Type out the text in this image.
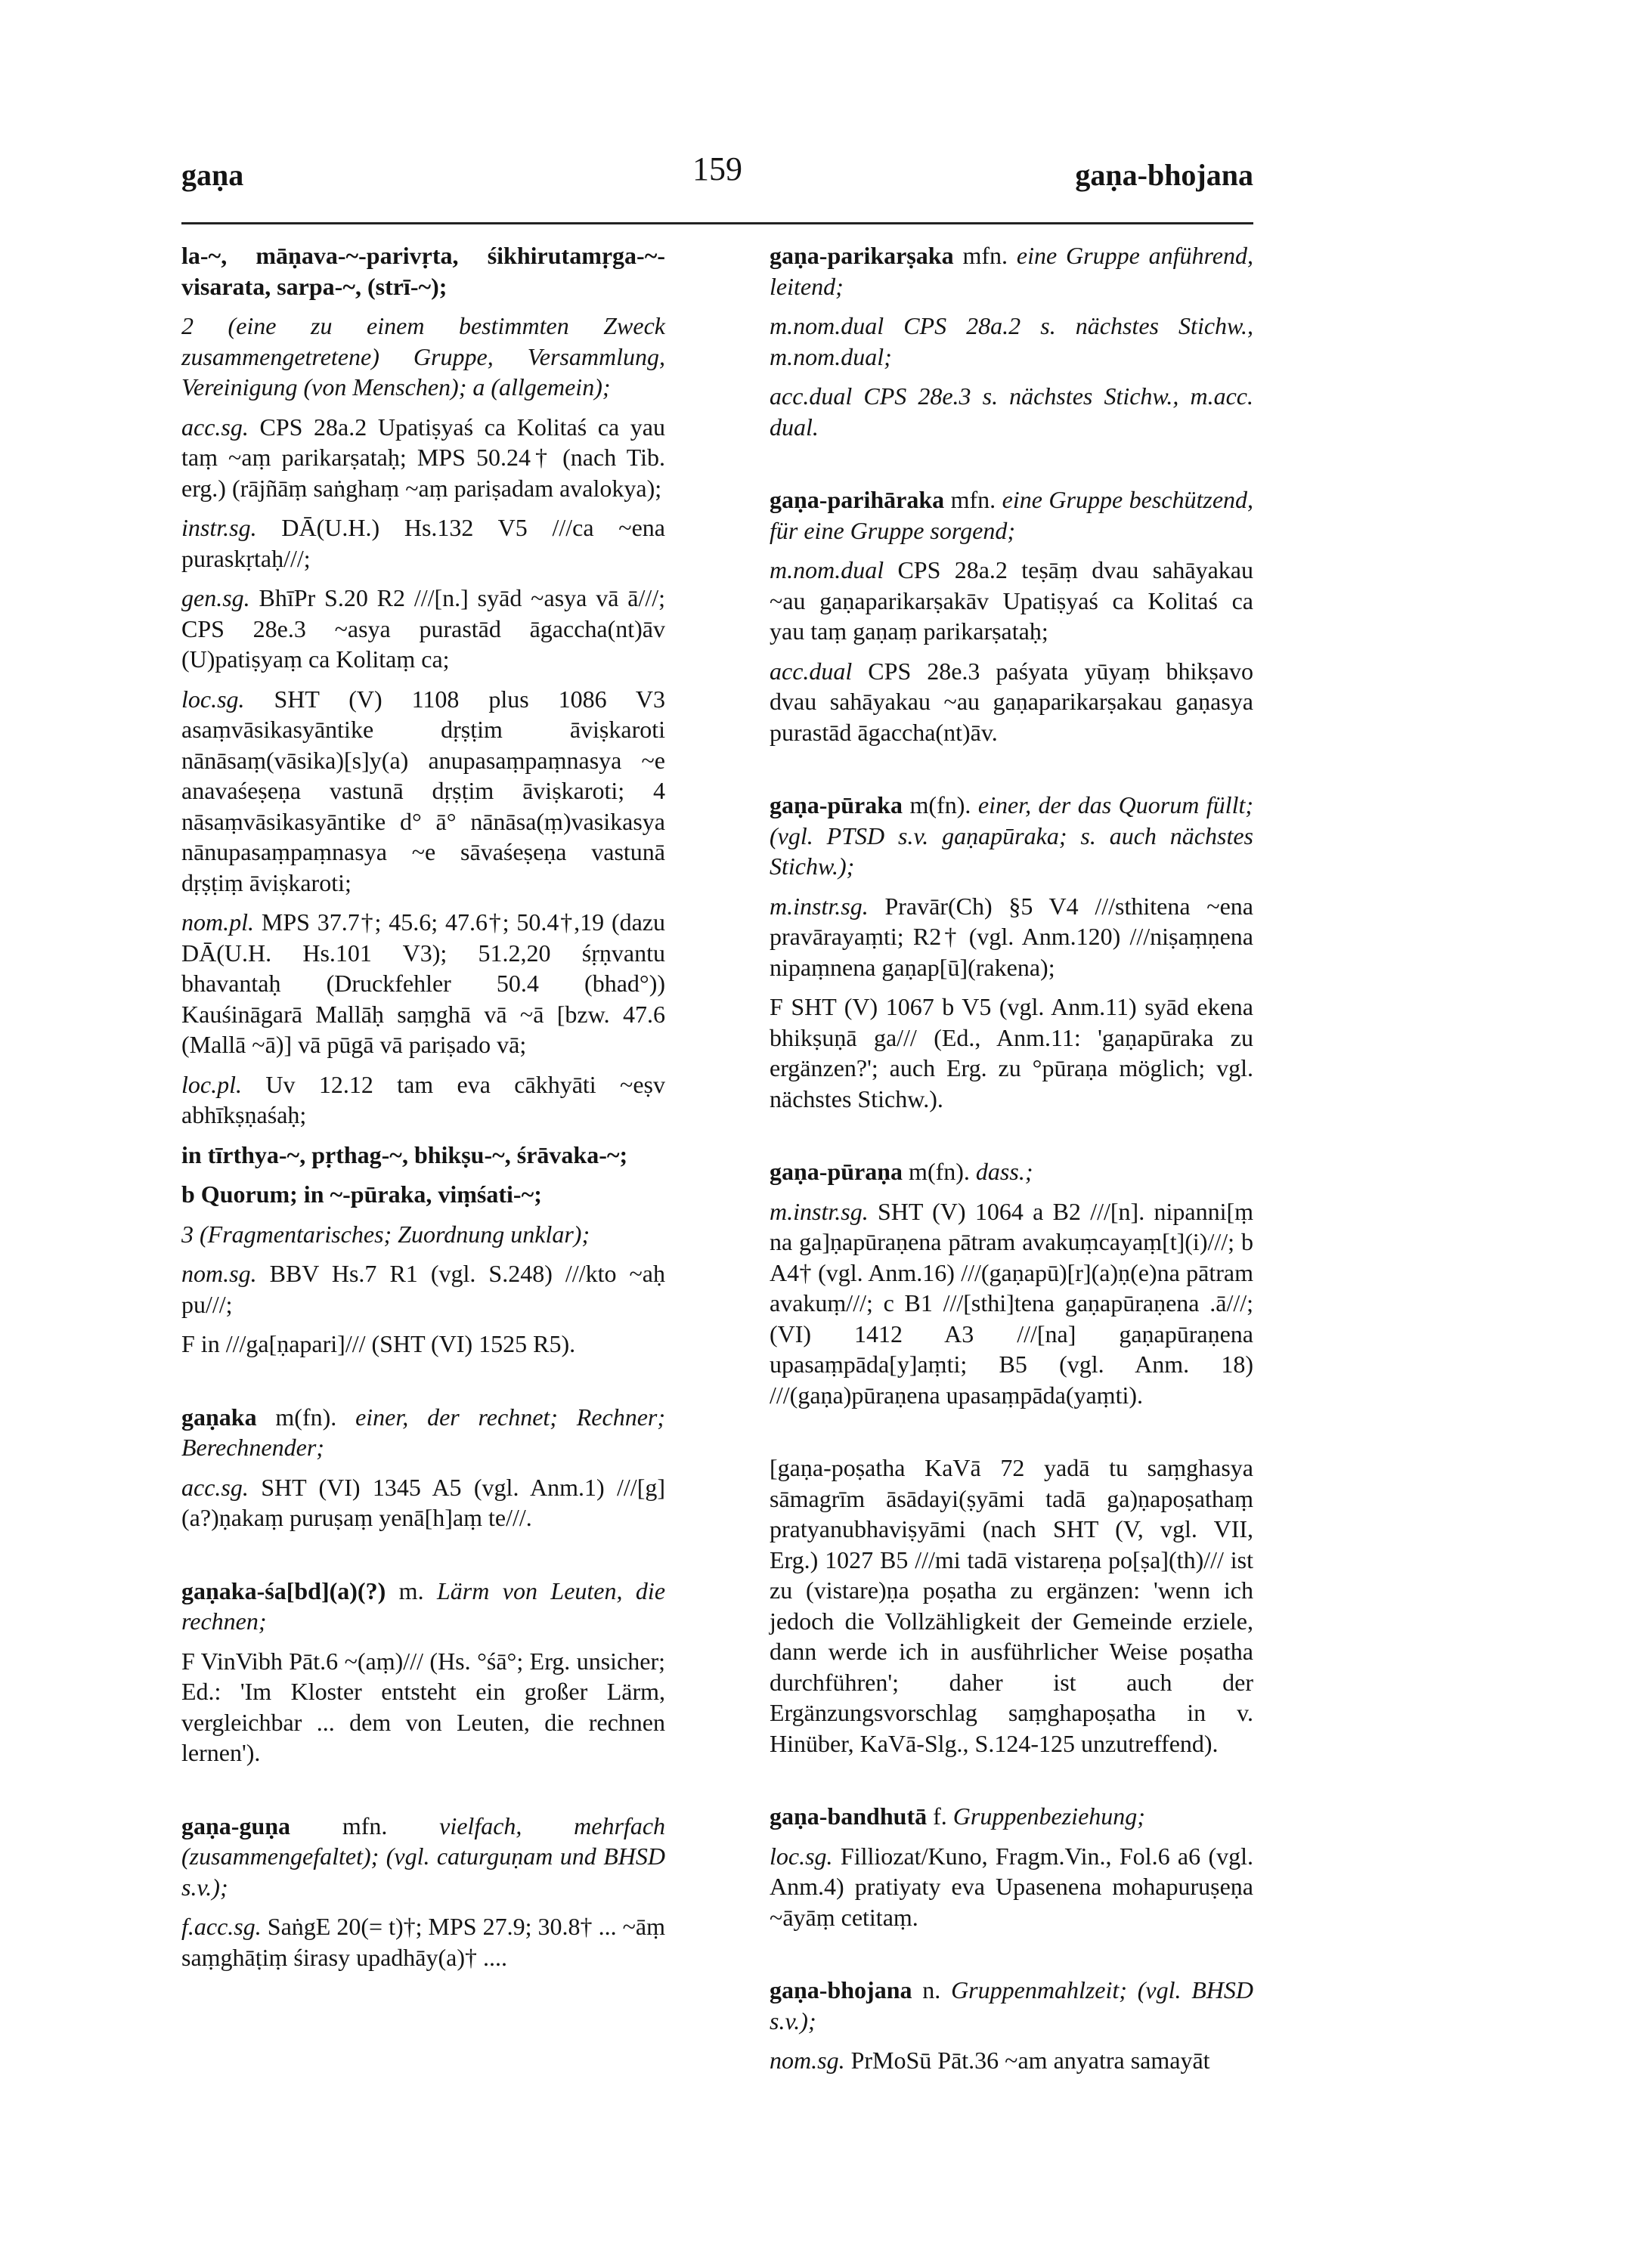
159
gaṇa	gaṇa-bhojana

la-~, māṇava-~-parivṛta, śikhirutamṛga-~-visarata, sarpa-~, (strī-~);

2 (eine zu einem bestimmten Zweck zusammengetretene) Gruppe, Versammlung, Vereinigung (von Menschen); a (allgemein);

acc.sg. CPS 28a.2 Upatiṣyaś ca Kolitaś ca yau taṃ ~aṃ parikarṣataḥ; MPS 50.24† (nach Tib. erg.) (rājñāṃ saṅghaṃ ~aṃ pariṣadam avalokya);

instr.sg. DĀ(U.H.) Hs.132 V5 ///ca ~ena puraskṛtaḥ///;

gen.sg. BhīPr S.20 R2 ///[n.] syād ~asya vā ā///; CPS 28e.3 ~asya purastād āgaccha(nt)āv (U)patiṣyaṃ ca Kolitaṃ ca;

loc.sg. SHT (V) 1108 plus 1086 V3 asaṃvāsikasyāntike dṛṣṭim āviṣkaroti nānāsaṃ(vāsika)[s]y(a) anupasaṃpaṃnasya ~e anavaśeṣeṇa vastunā dṛṣṭim āviṣkaroti; 4 nāsaṃvāsikasyāntike d° ā° nānāsa(ṃ)vasikasya nānupasaṃpaṃnasya ~e sāvaśeṣeṇa vastunā dṛṣṭiṃ āviṣkaroti;

nom.pl. MPS 37.7†; 45.6; 47.6†; 50.4†,19 (dazu DĀ(U.H. Hs.101 V3); 51.2,20 śṛṇvantu bhavantaḥ (Druckfehler 50.4 (bhad°)) Kauśināgarā Mallāḥ saṃghā vā ~ā [bzw. 47.6 (Mallā ~ā)] vā pūgā vā pariṣado vā;

loc.pl. Uv 12.12 tam eva cākhyāti ~eṣv abhīkṣṇaśaḥ;

in tīrthya-~, pṛthag-~, bhikṣu-~, śrāvaka-~;

b Quorum; in ~-pūraka, viṃśati-~;

3 (Fragmentarisches; Zuordnung unklar);

nom.sg. BBV Hs.7 R1 (vgl. S.248) ///kto ~aḥ pu///;

F in ///ga[ṇapari]/// (SHT (VI) 1525 R5).

gaṇaka m(fn). einer, der rechnet; Rechner; Berechnender;

acc.sg. SHT (VI) 1345 A5 (vgl. Anm.1) ///[g](a?)ṇakaṃ puruṣaṃ yenā[h]aṃ te///.

gaṇaka-śa[bd](a)(?) m. Lärm von Leuten, die rechnen;

F VinVibh Pāt.6 ~(aṃ)/// (Hs. °śā°; Erg. unsicher; Ed.: 'Im Kloster entsteht ein großer Lärm, vergleichbar ... dem von Leuten, die rechnen lernen').

gaṇa-guṇa mfn. vielfach, mehrfach (zusammengefaltet); (vgl. caturguṇam und BHSD s.v.);

f.acc.sg. SaṅgE 20(= t)†; MPS 27.9; 30.8† ... ~āṃ saṃghāṭiṃ śirasy upadhāy(a)† ....

gaṇa-parikarṣaka mfn. eine Gruppe anführend, leitend;

m.nom.dual CPS 28a.2 s. nächstes Stichw., m.nom.dual;

acc.dual CPS 28e.3 s. nächstes Stichw., m.acc. dual.

gaṇa-parihāraka mfn. eine Gruppe beschützend, für eine Gruppe sorgend;

m.nom.dual CPS 28a.2 teṣāṃ dvau sahāyakau ~au gaṇaparikarṣakāv Upatiṣyaś ca Kolitaś ca yau taṃ gaṇaṃ parikarṣataḥ;

acc.dual CPS 28e.3 paśyata yūyaṃ bhikṣavo dvau sahāyakau ~au gaṇaparikarṣakau gaṇasya purastād āgaccha(nt)āv.

gaṇa-pūraka m(fn). einer, der das Quorum füllt; (vgl. PTSD s.v. gaṇapūraka; s. auch nächstes Stichw.);

m.instr.sg. Pravār(Ch) §5 V4 ///sthitena ~ena pravārayaṃti; R2† (vgl. Anm.120) ///niṣaṃṇena nipaṃnena gaṇap[ū](rakena);

F SHT (V) 1067 b V5 (vgl. Anm.11) syād ekena bhikṣuṇā ga/// (Ed., Anm.11: 'gaṇapūraka zu ergänzen?'; auch Erg. zu °pūraṇa möglich; vgl. nächstes Stichw.).

gaṇa-pūraṇa m(fn). dass.;

m.instr.sg. SHT (V) 1064 a B2 ///[n]. nipanni[ṃ na ga]ṇapūraṇena pātram avakuṃcayaṃ[t](i)///; b A4† (vgl. Anm.16) ///(gaṇapū)[r](a)ṇ(e)na pātram avakuṃ///; c B1 ///[sthi]tena gaṇapūraṇena .ā///; (VI) 1412 A3 ///[na] gaṇapūraṇena upasaṃpāda[y]aṃti; B5 (vgl. Anm. 18) ///(gaṇa)pūraṇena upasaṃpāda(yaṃti).

[gaṇa-poṣatha KaVā 72 yadā tu saṃghasya sāmagrīm āsādayi(ṣyāmi tadā ga)ṇapoṣathaṃ pratyanubhaviṣyāmi (nach SHT (V, vgl. VII, Erg.) 1027 B5 ///mi tadā vistareṇa po[ṣa](th)/// ist zu (vistare)ṇa poṣatha zu ergänzen: 'wenn ich jedoch die Vollzähligkeit der Gemeinde erziele, dann werde ich in ausführlicher Weise poṣatha durchführen'; daher ist auch der Ergänzungsvorschlag saṃghapoṣatha in v. Hinüber, KaVā-Slg., S.124-125 unzutreffend).

gaṇa-bandhutā f. Gruppenbeziehung;

loc.sg. Filliozat/Kuno, Fragm.Vin., Fol.6 a6 (vgl. Anm.4) pratiyaty eva Upasenena mohapuruṣeṇa ~āyāṃ cetitaṃ.

gaṇa-bhojana n. Gruppenmahlzeit; (vgl. BHSD s.v.);

nom.sg. PrMoSū Pāt.36 ~am anyatra samayāt
